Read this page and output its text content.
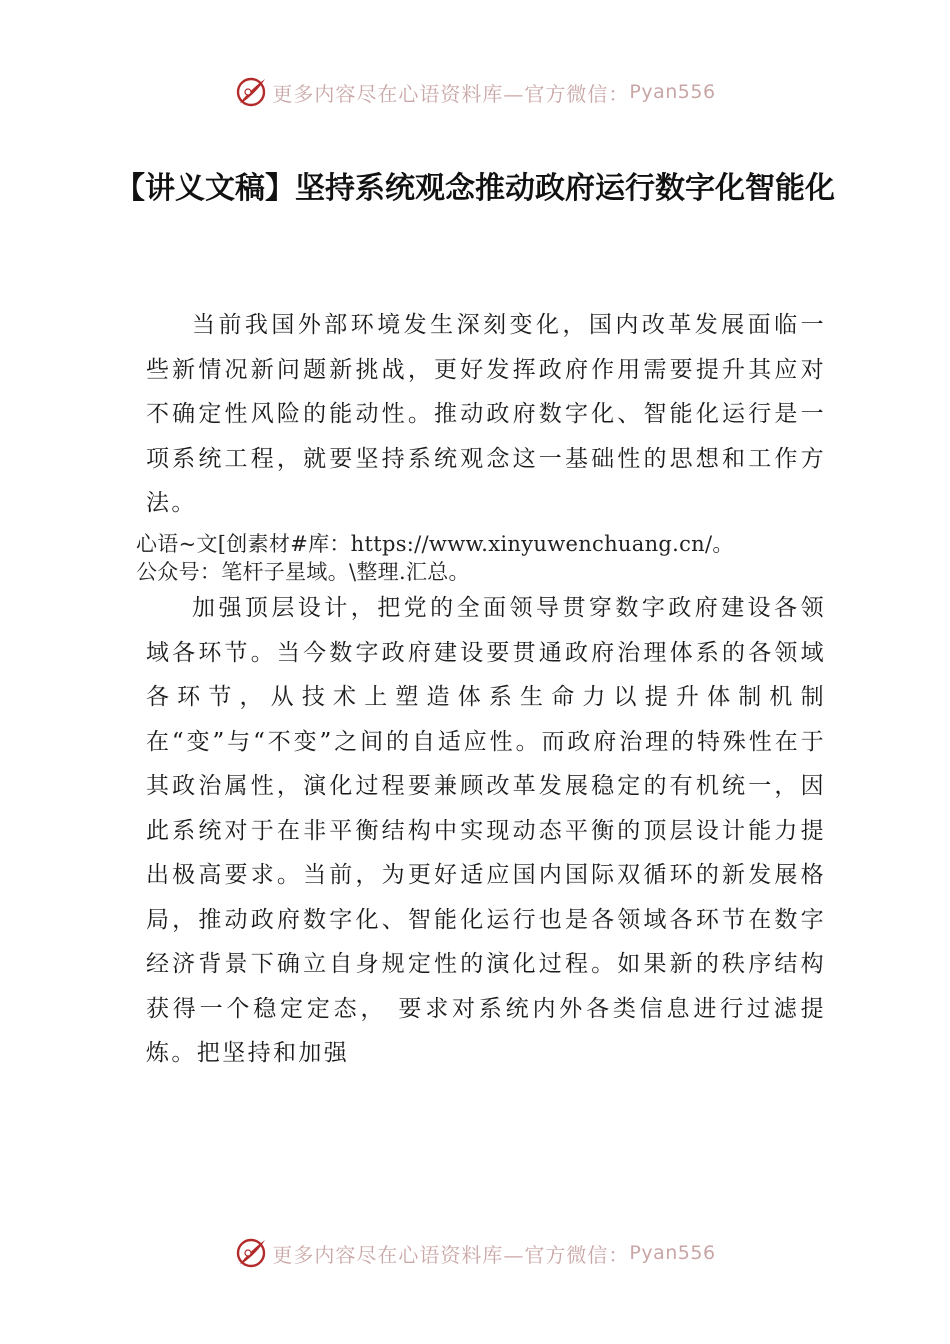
更多内容尽在心语资料库—官方微信： Pyan556
【讲义文稿】坚持系统观念推动政府运行数字化智能化

当前我国外部环境发生深刻变化，国内改革发展面临一些新情况新问题新挑战，更好发挥政府作用需要提升其应对不确定性风险的能动性。推动政府数字化、智能化运行是一项系统工程，就要坚持系统观念这一基础性的思想和工作方法。

心语~文[创素材#库：https://www.xinyuwenchuang.cn/。
公众号：笔杆子星域。\整理.汇总。

加强顶层设计，把党的全面领导贯穿数字政府建设各领域各环节。当今数字政府建设要贯通政府治理体系的各领域各环节，从技术上塑造体系生命力以提升体制机制在“变”与“不变”之间的自适应性。而政府治理的特殊性在于其政治属性，演化过程要兼顾改革发展稳定的有机统一，因此系统对于在非平衡结构中实现动态平衡的顶层设计能力提出极高要求。当前，为更好适应国内国际双循环的新发展格局，推动政府数字化、智能化运行也是各领域各环节在数字经济背景下确立自身规定性的演化过程。如果新的秩序结构获得一个稳定定态， 要求对系统内外各类信息进行过滤提炼。把坚持和加强

更多内容尽在心语资料库—官方微信： Pyan556
